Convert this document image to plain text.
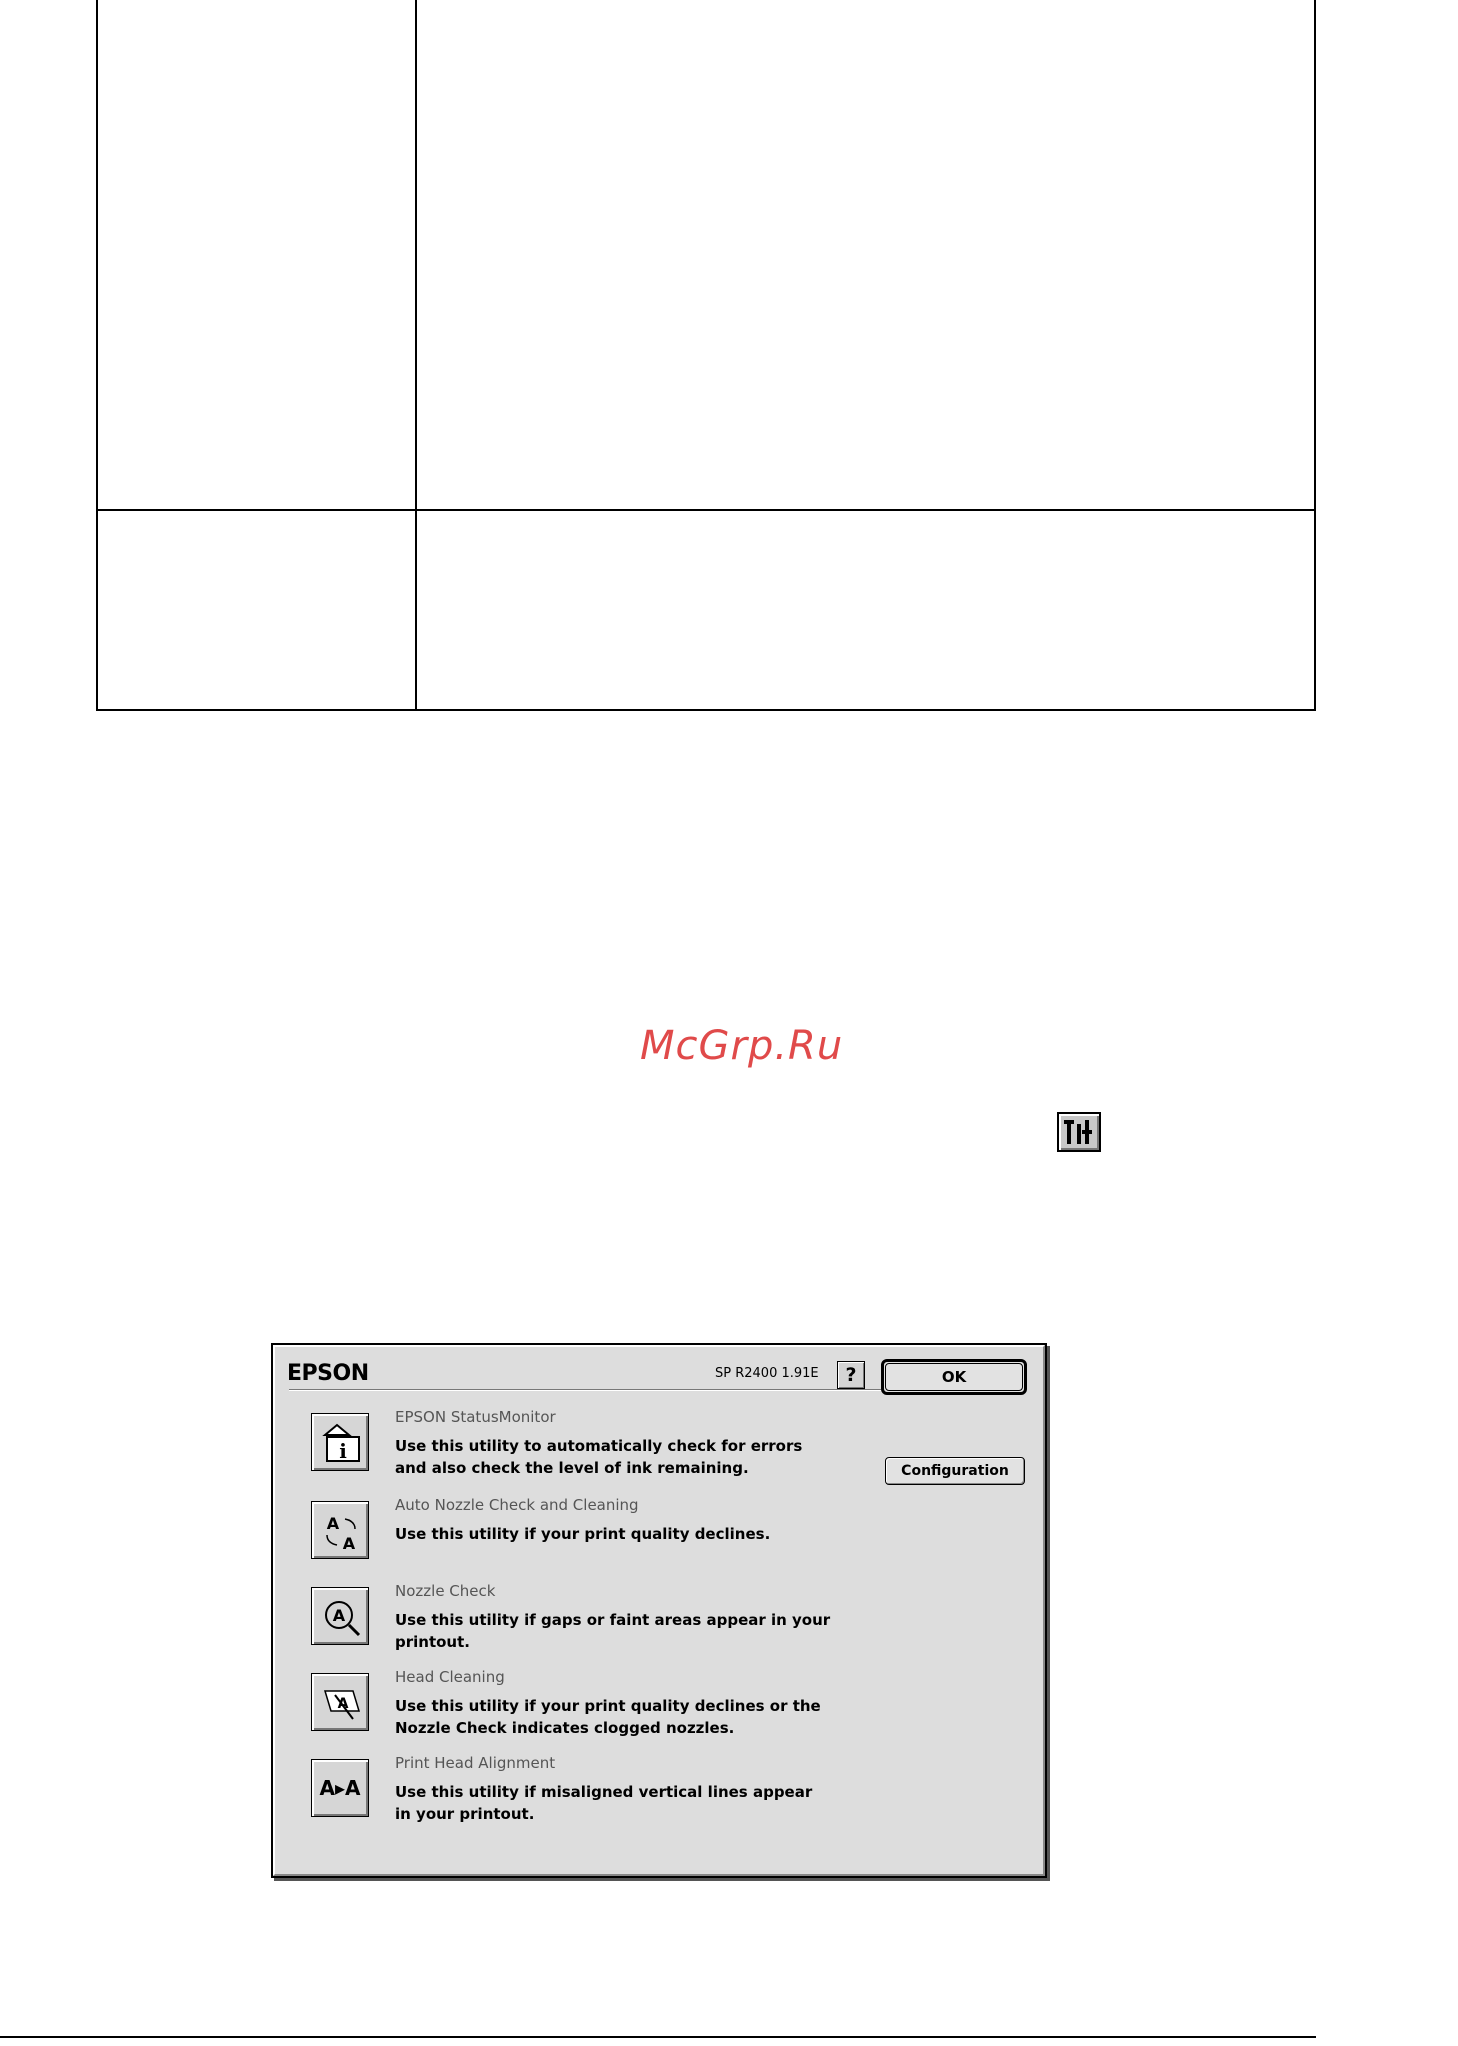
McGrp.Ru
EPSON	SP R2400 1.91E	?	OK
Configuration
i
EPSON StatusMonitor
Use this utility to automatically check for errors
and also check the level of ink remaining.
A
A
Auto Nozzle Check and Cleaning
Use this utility if your print quality declines.
A
Nozzle Check
Use this utility if gaps or faint areas appear in your
printout.
A
Head Cleaning
Use this utility if your print quality declines or the
Nozzle Check indicates clogged nozzles.
A▸A
Print Head Alignment
Use this utility if misaligned vertical lines appear
in your printout.
